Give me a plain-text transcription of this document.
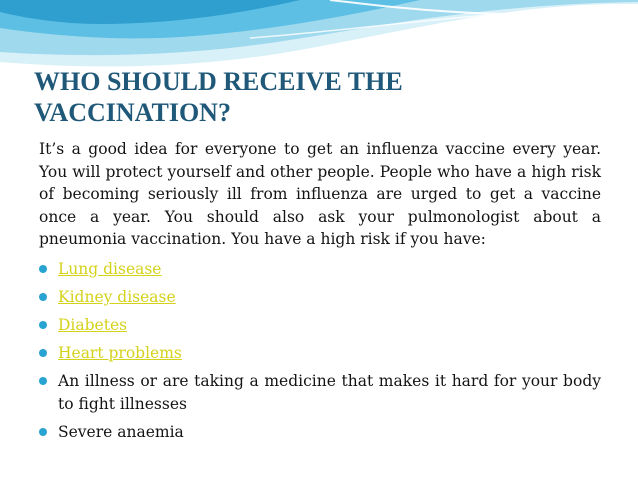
WHO SHOULD RECEIVE THE VACCINATION?

It’s a good idea for everyone to get an influenza vaccine every year. You will protect yourself and other people. People who have a high risk of becoming seriously ill from influenza are urged to get a vaccine once a year. You should also ask your pulmonologist about a pneumonia vaccination. You have a high risk if you have:

Lung disease
Kidney disease
Diabetes
Heart problems
An illness or are taking a medicine that makes it hard for your body to fight illnesses
Severe anaemia
